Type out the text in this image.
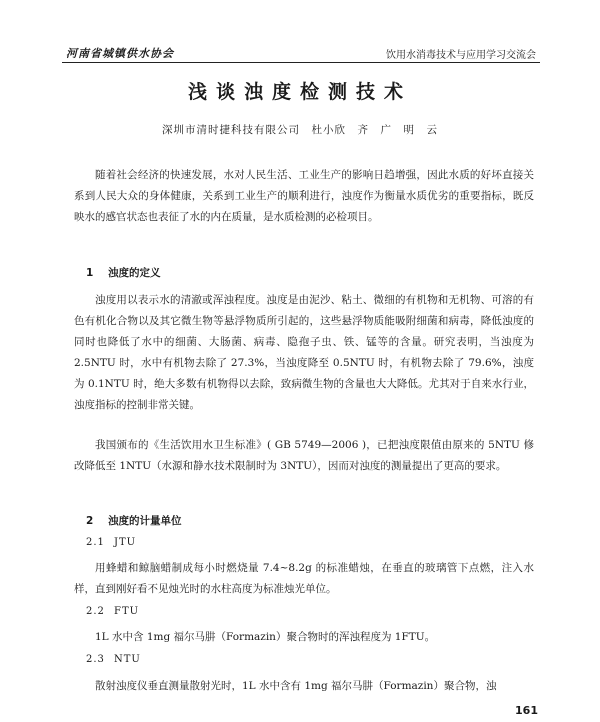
河南省城镇供水协会	饮用水消毒技术与应用学习交流会
浅谈浊度检测技术
深圳市清时捷科技有限公司　杜小欣　齐　广　明　云

随着社会经济的快速发展，水对人民生活、工业生产的影响日趋增强，因此水质的好坏直接关系到人民大众的身体健康，关系到工业生产的顺利进行，浊度作为衡量水质优劣的重要指标，既反映水的感官状态也表征了水的内在质量，是水质检测的必检项目。

1 浊度的定义

浊度用以表示水的清澈或浑浊程度。浊度是由泥沙、粘土、微细的有机物和无机物、可溶的有色有机化合物以及其它微生物等悬浮物质所引起的，这些悬浮物质能吸附细菌和病毒，降低浊度的同时也降低了水中的细菌、大肠菌、病毒、隐孢子虫、铁、锰等的含量。研究表明，当浊度为 2.5NTU 时，水中有机物去除了 27.3%，当浊度降至 0.5NTU 时，有机物去除了 79.6%，浊度为 0.1NTU 时，绝大多数有机物得以去除，致病微生物的含量也大大降低。尤其对于自来水行业，浊度指标的控制非常关键。

我国颁布的《生活饮用水卫生标准》( GB 5749—2006 )，已把浊度限值由原来的 5NTU 修改降低至 1NTU（水源和静水技术限制时为 3NTU），因而对浊度的测量提出了更高的要求。

2 浊度的计量单位
2.1 JTU

用蜂蜡和鲸脑蜡制成每小时燃烧量 7.4~8.2g 的标准蜡烛，在垂直的玻璃管下点燃，注入水样，直到刚好看不见烛光时的水柱高度为标准烛光单位。

2.2 FTU

1L 水中含 1mg 福尔马肼（Formazin）聚合物时的浑浊程度为 1FTU。

2.3 NTU

散射浊度仪垂直测量散射光时，1L 水中含有 1mg 福尔马肼（Formazin）聚合物，浊

161
